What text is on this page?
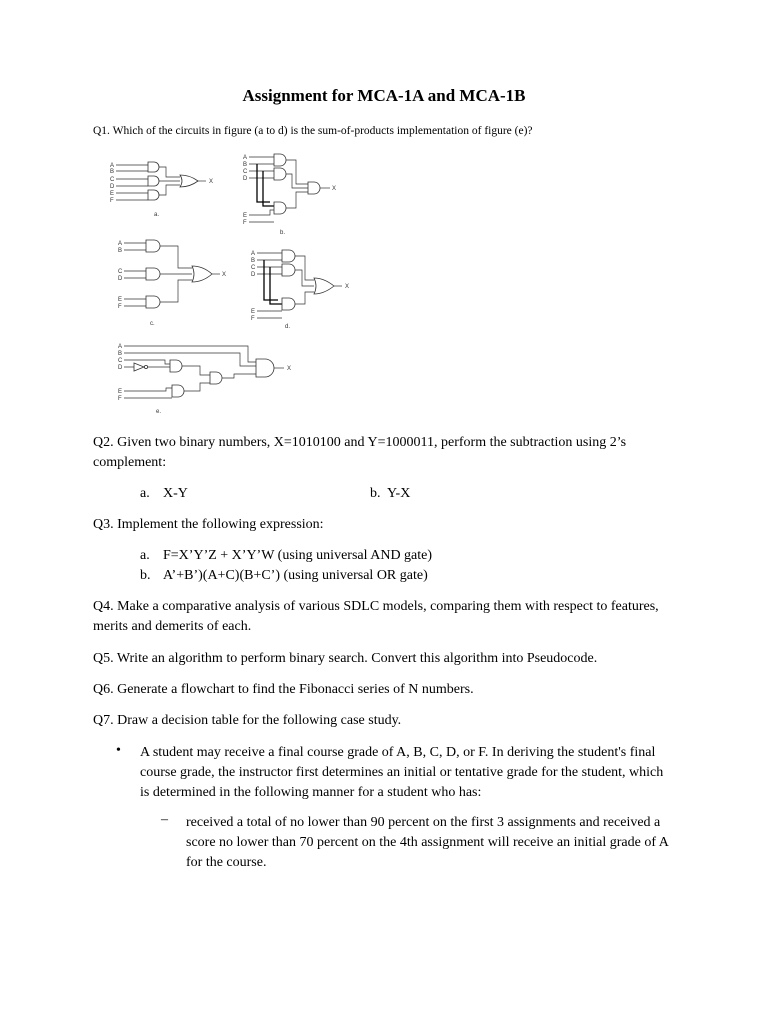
Assignment for MCA-1A and MCA-1B
Q1. Which of the circuits in figure (a to d) is the sum-of-products implementation of figure (e)?
A
B
C
D
E
F
X
a.
A
B
C
D
E
F
X
b.
A
B
C
D
E
F
X
c.
A
B
C
D
E
F
X
d.
A
B
C
D
E
F
X
e.
Q2. Given two binary numbers, X=1010100 and Y=1000011, perform the subtraction using 2’s complement:
a. X-Y	b. Y-X
Q3. Implement the following expression:
a. F=X’Y’Z + X’Y’W (using universal AND gate)
b. A’+B’)(A+C)(B+C’) (using universal OR gate)
Q4. Make a comparative analysis of various SDLC models, comparing them with respect to features, merits and demerits of each.
Q5. Write an algorithm to perform binary search. Convert this algorithm into Pseudocode.
Q6. Generate a flowchart to find the Fibonacci series of N numbers.
Q7. Draw a decision table for the following case study.
• A student may receive a final course grade of A, B, C, D, or F. In deriving the student's final course grade, the instructor first determines an initial or tentative grade for the student, which is determined in the following manner for a student who has:
– received a total of no lower than 90 percent on the first 3 assignments and received a score no lower than 70 percent on the 4th assignment will receive an initial grade of A for the course.
